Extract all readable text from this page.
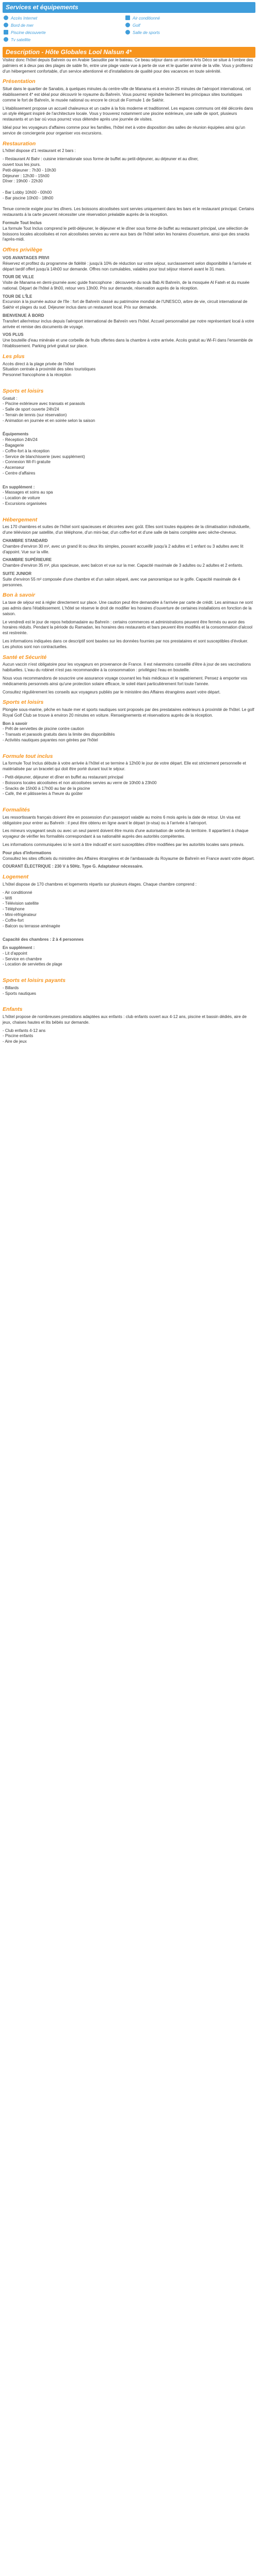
Services et équipements
Accès Internet	Air conditionné
Bord de mer	Golf
Piscine découverte	Salle de sports
Tv satellite
Description - Hôte Globales Lool Nalsun 4*

Visitez donc l'hôtel depuis Bahrein ou en Arabie Saoudite par le bateau. Ce beau séjour dans un univers Arts Déco se situe à l'ombre des palmiers et à deux pas des plages de sable fin, entre une plage vaste vue à perte de vue et le quartier animé de la ville. Vous y profiterez d'un hébergement confortable, d'un service attentionné et d'installations de qualité pour des vacances en toute sérénité.

Présentation

Situé dans le quartier de Sanabis, à quelques minutes du centre-ville de Manama et à environ 25 minutes de l'aéroport international, cet établissement 4* est idéal pour découvrir le royaume du Bahreïn. Vous pourrez rejoindre facilement les principaux sites touristiques comme le fort de Bahreïn, le musée national ou encore le circuit de Formule 1 de Sakhir.

L'établissement propose un accueil chaleureux et un cadre à la fois moderne et traditionnel. Les espaces communs ont été décorés dans un style élégant inspiré de l'architecture locale. Vous y trouverez notamment une piscine extérieure, une salle de sport, plusieurs restaurants et un bar où vous pourrez vous détendre après une journée de visites.

Idéal pour les voyageurs d'affaires comme pour les familles, l'hôtel met à votre disposition des salles de réunion équipées ainsi qu'un service de conciergerie pour organiser vos excursions.

Restauration

L'hôtel dispose d'1 restaurant et 2 bars :

- Restaurant Al Bahr : cuisine internationale sous forme de buffet au petit-déjeuner, au déjeuner et au dîner,
ouvert tous les jours.
Petit-déjeuner : 7h30 - 10h30
Déjeuner : 12h30 - 15h00
Dîner : 19h00 - 22h30
- Bar Lobby 10h00 - 00h00
- Bar piscine 10h00 - 18h00

Tenue correcte exigée pour les dîners. Les boissons alcoolisées sont servies uniquement dans les bars et le restaurant principal. Certains restaurants à la carte peuvent nécessiter une réservation préalable auprès de la réception.

Formule Tout Inclus

La formule Tout Inclus comprend le petit-déjeuner, le déjeuner et le dîner sous forme de buffet au restaurant principal, une sélection de boissons locales alcoolisées et non alcoolisées servies au verre aux bars de l'hôtel selon les horaires d'ouverture, ainsi que des snacks l'après-midi.

Offres privilège
VOS AVANTAGES PRIVI

Réservez et profitez du programme de fidélité : jusqu'à 10% de réduction sur votre séjour, surclassement selon disponibilité à l'arrivée et départ tardif offert jusqu'à 14h00 sur demande. Offres non cumulables, valables pour tout séjour réservé avant le 31 mars.

TOUR DE VILLE

Visite de Manama en demi-journée avec guide francophone : découverte du souk Bab Al Bahreïn, de la mosquée Al Fateh et du musée national. Départ de l'hôtel à 9h00, retour vers 13h00. Prix sur demande, réservation auprès de la réception.

TOUR DE L'ÎLE

Excursion à la journée autour de l'île : fort de Bahreïn classé au patrimoine mondial de l'UNESCO, arbre de vie, circuit international de Sakhir et plages du sud. Déjeuner inclus dans un restaurant local. Prix sur demande.

BIENVENUE À BORD

Transfert aller/retour inclus depuis l'aéroport international de Bahreïn vers l'hôtel. Accueil personnalisé par notre représentant local à votre arrivée et remise des documents de voyage.

VOS PLUS

Une bouteille d'eau minérale et une corbeille de fruits offertes dans la chambre à votre arrivée. Accès gratuit au Wi-Fi dans l'ensemble de l'établissement. Parking privé gratuit sur place.

Les plus
Accès direct à la plage privée de l'hôtel
Situation centrale à proximité des sites touristiques
Personnel francophone à la réception
Sports et loisirs
Gratuit :
- Piscine extérieure avec transats et parasols
- Salle de sport ouverte 24h/24
- Terrain de tennis (sur réservation)
- Animation en journée et en soirée selon la saison
Équipements
- Réception 24h/24
- Bagagerie
- Coffre-fort à la réception
- Service de blanchisserie (avec supplément)
- Connexion Wi-Fi gratuite
- Ascenseur
- Centre d'affaires
En supplément :
- Massages et soins au spa
- Location de voiture
- Excursions organisées
Hébergement

Les 170 chambres et suites de l'hôtel sont spacieuses et décorées avec goût. Elles sont toutes équipées de la climatisation individuelle, d'une télévision par satellite, d'un téléphone, d'un mini-bar, d'un coffre-fort et d'une salle de bains complète avec sèche-cheveux.

CHAMBRE STANDARD

Chambre d'environ 30 m², avec un grand lit ou deux lits simples, pouvant accueillir jusqu'à 2 adultes et 1 enfant ou 3 adultes avec lit d'appoint. Vue sur la ville.

CHAMBRE SUPÉRIEURE

Chambre d'environ 35 m², plus spacieuse, avec balcon et vue sur la mer. Capacité maximale de 3 adultes ou 2 adultes et 2 enfants.

SUITE JUNIOR

Suite d'environ 55 m² composée d'une chambre et d'un salon séparé, avec vue panoramique sur le golfe. Capacité maximale de 4 personnes.

Bon à savoir

La taxe de séjour est à régler directement sur place. Une caution peut être demandée à l'arrivée par carte de crédit. Les animaux ne sont pas admis dans l'établissement. L'hôtel se réserve le droit de modifier les horaires d'ouverture de certaines installations en fonction de la saison.

Le vendredi est le jour de repos hebdomadaire au Bahreïn : certains commerces et administrations peuvent être fermés ou avoir des horaires réduits. Pendant la période du Ramadan, les horaires des restaurants et bars peuvent être modifiés et la consommation d'alcool est restreinte.

Les informations indiquées dans ce descriptif sont basées sur les données fournies par nos prestataires et sont susceptibles d'évoluer. Les photos sont non contractuelles.

Santé et Sécurité

Aucun vaccin n'est obligatoire pour les voyageurs en provenance de France. Il est néanmoins conseillé d'être à jour de ses vaccinations habituelles. L'eau du robinet n'est pas recommandée à la consommation : privilégiez l'eau en bouteille.

Nous vous recommandons de souscrire une assurance voyage couvrant les frais médicaux et le rapatriement. Pensez à emporter vos médicaments personnels ainsi qu'une protection solaire efficace, le soleil étant particulièrement fort toute l'année.

Consultez régulièrement les conseils aux voyageurs publiés par le ministère des Affaires étrangères avant votre départ.

Sports et loisirs

Plongée sous-marine, pêche en haute mer et sports nautiques sont proposés par des prestataires extérieurs à proximité de l'hôtel. Le golf Royal Golf Club se trouve à environ 20 minutes en voiture. Renseignements et réservations auprès de la réception.

Bon à savoir
- Prêt de serviettes de piscine contre caution
- Transats et parasols gratuits dans la limite des disponibilités
- Activités nautiques payantes non gérées par l'hôtel
Formule tout inclus

La formule Tout Inclus débute à votre arrivée à l'hôtel et se termine à 12h00 le jour de votre départ. Elle est strictement personnelle et matérialisée par un bracelet qui doit être porté durant tout le séjour.

- Petit-déjeuner, déjeuner et dîner en buffet au restaurant principal
- Boissons locales alcoolisées et non alcoolisées servies au verre de 10h00 à 23h00
- Snacks de 15h00 à 17h00 au bar de la piscine
- Café, thé et pâtisseries à l'heure du goûter
Formalités

Les ressortissants français doivent être en possession d'un passeport valable au moins 6 mois après la date de retour. Un visa est obligatoire pour entrer au Bahreïn : il peut être obtenu en ligne avant le départ (e-visa) ou à l'arrivée à l'aéroport.

Les mineurs voyageant seuls ou avec un seul parent doivent être munis d'une autorisation de sortie du territoire. Il appartient à chaque voyageur de vérifier les formalités correspondant à sa nationalité auprès des autorités compétentes.

Les informations communiquées ici le sont à titre indicatif et sont susceptibles d'être modifiées par les autorités locales sans préavis.

Pour plus d'informations

Consultez les sites officiels du ministère des Affaires étrangères et de l'ambassade du Royaume de Bahreïn en France avant votre départ.

COURANT ÉLECTRIQUE : 230 V à 50Hz. Type G. Adaptateur nécessaire.
Logement

L'hôtel dispose de 170 chambres et logements répartis sur plusieurs étages. Chaque chambre comprend :

- Air conditionné
- Wifi
- Télévision satellite
- Téléphone
- Mini-réfrigérateur
- Coffre-fort
- Balcon ou terrasse aménagée
Capacité des chambres : 2 à 4 personnes
En supplément :
- Lit d'appoint
- Service en chambre
- Location de serviettes de plage
Sports et loisirs payants
- Billards
- Sports nautiques
Enfants

L'hôtel propose de nombreuses prestations adaptées aux enfants : club enfants ouvert aux 4-12 ans, piscine et bassin dédiés, aire de jeux, chaises hautes et lits bébés sur demande.

- Club enfants 4-12 ans
- Piscine enfants
- Aire de jeux
